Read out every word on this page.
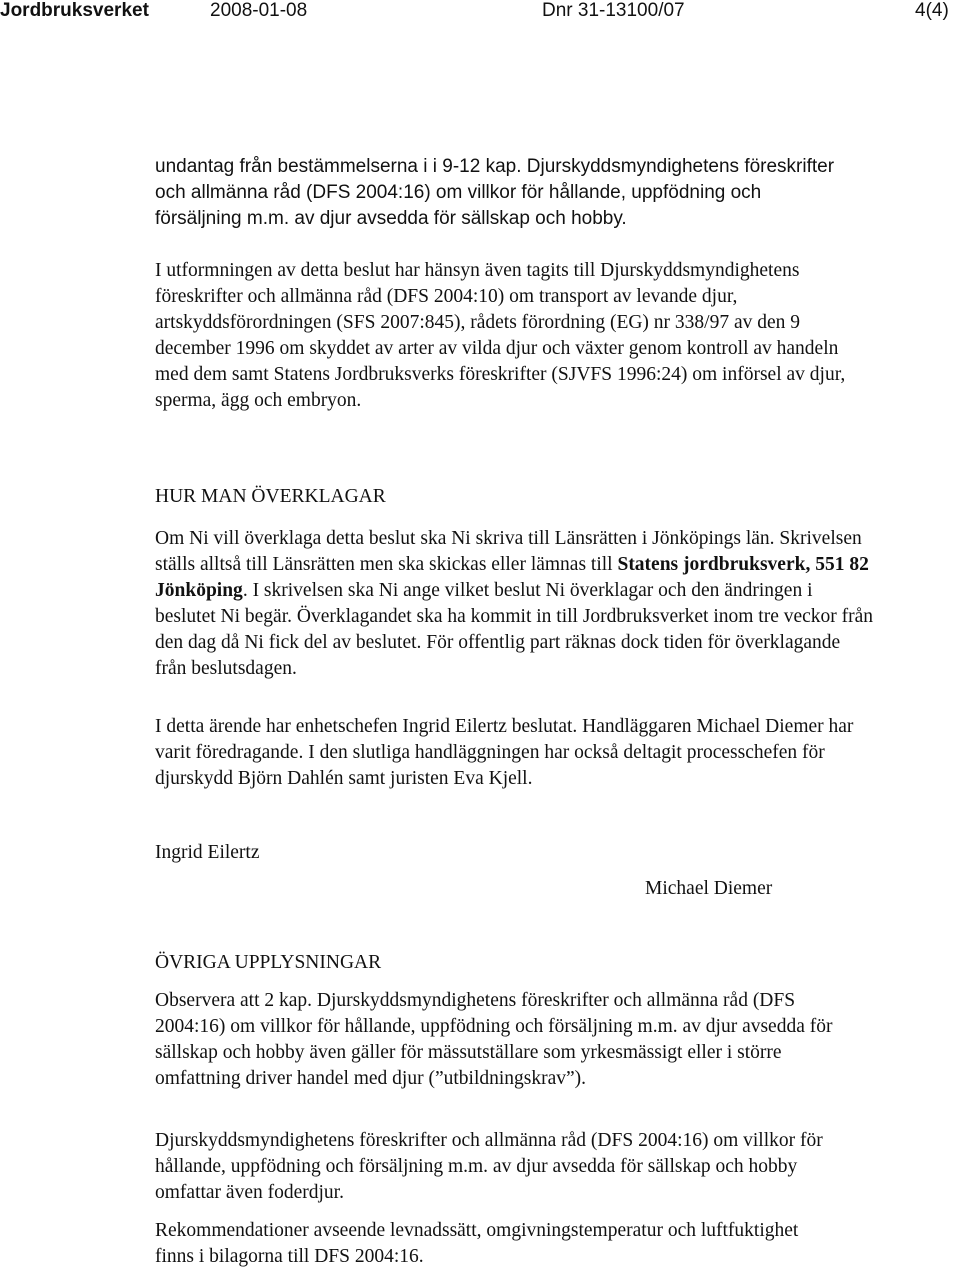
Jordbruksverket	2008-01-08	Dnr 31-13100/07	4(4)

undantag från bestämmelserna i i 9-12 kap. Djurskyddsmyndighetens föreskrifter och allmänna råd (DFS 2004:16) om villkor för hållande, uppfödning och försäljning m.m. av djur avsedda för sällskap och hobby.

I utformningen av detta beslut har hänsyn även tagits till Djurskyddsmyndighetens föreskrifter och allmänna råd (DFS 2004:10) om transport av levande djur, artskyddsförordningen (SFS 2007:845), rådets förordning (EG) nr 338/97 av den 9 december 1996 om skyddet av arter av vilda djur och växter genom kontroll av handeln med dem samt Statens Jordbruksverks föreskrifter (SJVFS 1996:24) om införsel av djur, sperma, ägg och embryon.

HUR MAN ÖVERKLAGAR

Om Ni vill överklaga detta beslut ska Ni skriva till Länsrätten i Jönköpings län. Skrivelsen ställs alltså till Länsrätten men ska skickas eller lämnas till Statens jordbruksverk, 551 82 Jönköping. I skrivelsen ska Ni ange vilket beslut Ni överklagar och den ändringen i beslutet Ni begär. Överklagandet ska ha kommit in till Jordbruksverket inom tre veckor från den dag då Ni fick del av beslutet. För offentlig part räknas dock tiden för överklagande från beslutsdagen.

I detta ärende har enhetschefen Ingrid Eilertz beslutat. Handläggaren Michael Diemer har varit föredragande. I den slutliga handläggningen har också deltagit processchefen för djurskydd Björn Dahlén samt juristen Eva Kjell.

Ingrid Eilertz
Michael Diemer
ÖVRIGA UPPLYSNINGAR

Observera att 2 kap. Djurskyddsmyndighetens föreskrifter och allmänna råd (DFS 2004:16) om villkor för hållande, uppfödning och försäljning m.m. av djur avsedda för sällskap och hobby även gäller för mässutställare som yrkesmässigt eller i större omfattning driver handel med djur (”utbildningskrav”).

Djurskyddsmyndighetens föreskrifter och allmänna råd (DFS 2004:16) om villkor för hållande, uppfödning och försäljning m.m. av djur avsedda för sällskap och hobby omfattar även foderdjur.

Rekommendationer avseende levnadssätt, omgivningstemperatur och luftfuktighet finns i bilagorna till DFS 2004:16.
